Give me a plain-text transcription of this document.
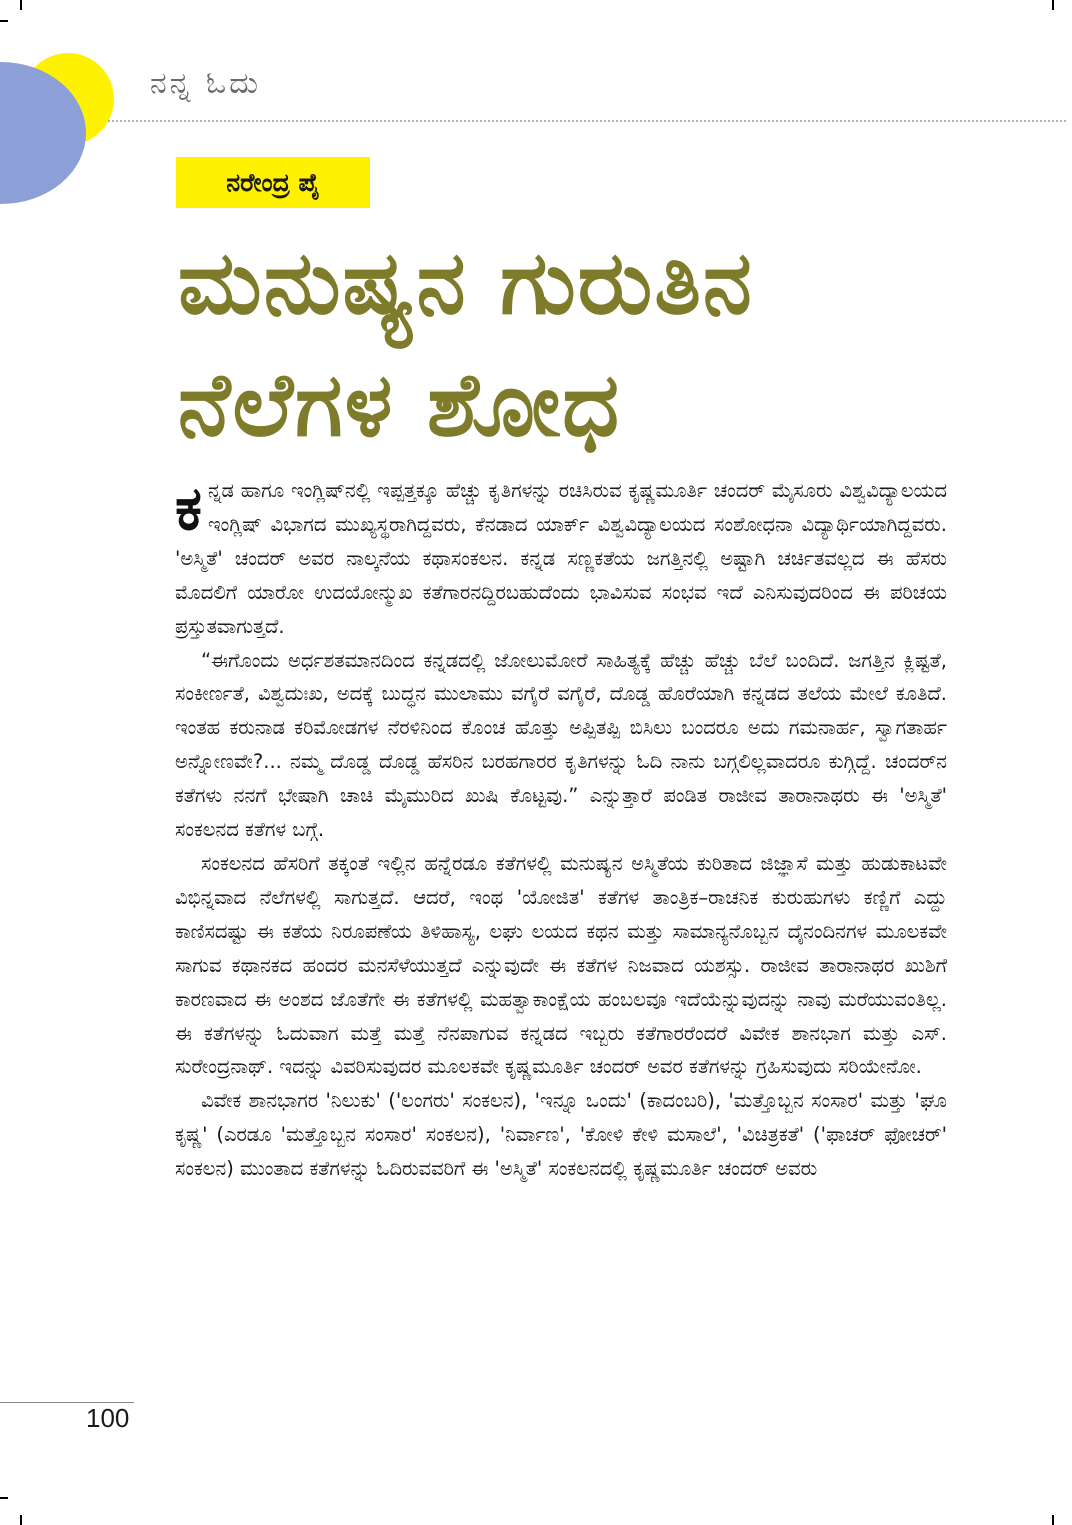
ನನ್ನ ಓದು
ನರೇಂದ್ರ ಪೈ
ಮನುಷ್ಯನ ಗುರುತಿನ
ನೆಲೆಗಳ ಶೋಧ

ಕನ್ನಡ ಹಾಗೂ ಇಂಗ್ಲಿಷ್‌ನಲ್ಲಿ ಇಪ್ಪತ್ತಕ್ಕೂ ಹೆಚ್ಚು ಕೃತಿಗಳನ್ನು ರಚಿಸಿರುವ ಕೃಷ್ಣಮೂರ್ತಿ ಚಂದರ್ ಮೈಸೂರು ವಿಶ್ವವಿದ್ಯಾಲಯದ ಇಂಗ್ಲಿಷ್ ವಿಭಾಗದ ಮುಖ್ಯಸ್ಥರಾಗಿದ್ದವರು, ಕೆನಡಾದ ಯಾರ್ಕ್ ವಿಶ್ವವಿದ್ಯಾಲಯದ ಸಂಶೋಧನಾ ವಿದ್ಯಾರ್ಥಿಯಾಗಿದ್ದವರು. 'ಅಸ್ಮಿತೆ' ಚಂದರ್ ಅವರ ನಾಲ್ಕನೆಯ ಕಥಾಸಂಕಲನ. ಕನ್ನಡ ಸಣ್ಣಕತೆಯ ಜಗತ್ತಿನಲ್ಲಿ ಅಷ್ಟಾಗಿ ಚರ್ಚಿತವಲ್ಲದ ಈ ಹೆಸರು ಮೊದಲಿಗೆ ಯಾರೋ ಉದಯೋನ್ಮುಖ ಕತೆಗಾರನದ್ದಿರಬಹುದೆಂದು ಭಾವಿಸುವ ಸಂಭವ ಇದೆ ಎನಿಸುವುದರಿಂದ ಈ ಪರಿಚಯ ಪ್ರಸ್ತುತವಾಗುತ್ತದೆ.

“ಈಗೊಂದು ಅರ್ಧಶತಮಾನದಿಂದ ಕನ್ನಡದಲ್ಲಿ ಜೋಲುಮೋರೆ ಸಾಹಿತ್ಯಕ್ಕೆ ಹೆಚ್ಚು ಹೆಚ್ಚು ಬೆಲೆ ಬಂದಿದೆ. ಜಗತ್ತಿನ ಕ್ಲಿಷ್ಟತೆ, ಸಂಕೀರ್ಣತೆ, ವಿಶ್ವದುಃಖ, ಅದಕ್ಕೆ ಬುದ್ಧನ ಮುಲಾಮು ವಗೈರೆ ವಗೈರೆ, ದೊಡ್ಡ ಹೊರೆಯಾಗಿ ಕನ್ನಡದ ತಲೆಯ ಮೇಲೆ ಕೂತಿದೆ. ಇಂತಹ ಕರುನಾಡ ಕರಿಮೋಡಗಳ ನೆರಳಿನಿಂದ ಕೊಂಚ ಹೊತ್ತು ಅಪ್ಪಿತಪ್ಪಿ ಬಿಸಿಲು ಬಂದರೂ ಅದು ಗಮನಾರ್ಹ, ಸ್ವಾಗತಾರ್ಹ ಅನ್ನೋಣವೇ?... ನಮ್ಮ ದೊಡ್ಡ ದೊಡ್ಡ ಹೆಸರಿನ ಬರಹಗಾರರ ಕೃತಿಗಳನ್ನು ಓದಿ ನಾನು ಬಗ್ಗಲಿಲ್ಲವಾದರೂ ಕುಗ್ಗಿದ್ದೆ. ಚಂದರ್‌ನ ಕತೆಗಳು ನನಗೆ ಭೇಷಾಗಿ ಚಾಚಿ ಮೈಮುರಿದ ಖುಷಿ ಕೊಟ್ಟವು.” ಎನ್ನುತ್ತಾರೆ ಪಂಡಿತ ರಾಜೀವ ತಾರಾನಾಥರು ಈ 'ಅಸ್ಮಿತೆ' ಸಂಕಲನದ ಕತೆಗಳ ಬಗ್ಗೆ.

ಸಂಕಲನದ ಹೆಸರಿಗೆ ತಕ್ಕಂತೆ ಇಲ್ಲಿನ ಹನ್ನೆರಡೂ ಕತೆಗಳಲ್ಲಿ ಮನುಷ್ಯನ ಅಸ್ಮಿತೆಯ ಕುರಿತಾದ ಜಿಜ್ಞಾಸೆ ಮತ್ತು ಹುಡುಕಾಟವೇ ವಿಭಿನ್ನವಾದ ನೆಲೆಗಳಲ್ಲಿ ಸಾಗುತ್ತದೆ. ಆದರೆ, ಇಂಥ 'ಯೋಜಿತ' ಕತೆಗಳ ತಾಂತ್ರಿಕ–ರಾಚನಿಕ ಕುರುಹುಗಳು ಕಣ್ಣಿಗೆ ಎದ್ದು ಕಾಣಿಸದಷ್ಟು ಈ ಕತೆಯ ನಿರೂಪಣೆಯ ತಿಳಿಹಾಸ್ಯ, ಲಘು ಲಯದ ಕಥನ ಮತ್ತು ಸಾಮಾನ್ಯನೊಬ್ಬನ ದೈನಂದಿನಗಳ ಮೂಲಕವೇ ಸಾಗುವ ಕಥಾನಕದ ಹಂದರ ಮನಸೆಳೆಯುತ್ತದೆ ಎನ್ನುವುದೇ ಈ ಕತೆಗಳ ನಿಜವಾದ ಯಶಸ್ಸು. ರಾಜೀವ ತಾರಾನಾಥರ ಖುಶಿಗೆ ಕಾರಣವಾದ ಈ ಅಂಶದ ಜೊತೆಗೇ ಈ ಕತೆಗಳಲ್ಲಿ ಮಹತ್ವಾಕಾಂಕ್ಷೆಯ ಹಂಬಲವೂ ಇದೆಯೆನ್ನುವುದನ್ನು ನಾವು ಮರೆಯುವಂತಿಲ್ಲ. ಈ ಕತೆಗಳನ್ನು ಓದುವಾಗ ಮತ್ತೆ ಮತ್ತೆ ನೆನಪಾಗುವ ಕನ್ನಡದ ಇಬ್ಬರು ಕತೆಗಾರರೆಂದರೆ ವಿವೇಕ ಶಾನಭಾಗ ಮತ್ತು ಎಸ್. ಸುರೇಂದ್ರನಾಥ್. ಇದನ್ನು ವಿವರಿಸುವುದರ ಮೂಲಕವೇ ಕೃಷ್ಣಮೂರ್ತಿ ಚಂದರ್ ಅವರ ಕತೆಗಳನ್ನು ಗ್ರಹಿಸುವುದು ಸರಿಯೇನೋ.

ವಿವೇಕ ಶಾನಭಾಗರ 'ನಿಲುಕು' ('ಲಂಗರು' ಸಂಕಲನ), 'ಇನ್ನೂ ಒಂದು' (ಕಾದಂಬರಿ), 'ಮತ್ತೊಬ್ಬನ ಸಂಸಾರ' ಮತ್ತು 'ಘೂ ಕೃಷ್ಣ' (ಎರಡೂ 'ಮತ್ತೊಬ್ಬನ ಸಂಸಾರ' ಸಂಕಲನ), 'ನಿರ್ವಾಣ', 'ಕೋಳಿ ಕೇಳಿ ಮಸಾಲೆ', 'ವಿಚಿತ್ರಕತೆ' ('ಫಾಚರ್ ಫೋಚರ್' ಸಂಕಲನ) ಮುಂತಾದ ಕತೆಗಳನ್ನು ಓದಿರುವವರಿಗೆ ಈ 'ಅಸ್ಮಿತೆ' ಸಂಕಲನದಲ್ಲಿ ಕೃಷ್ಣಮೂರ್ತಿ ಚಂದರ್ ಅವರು

100
